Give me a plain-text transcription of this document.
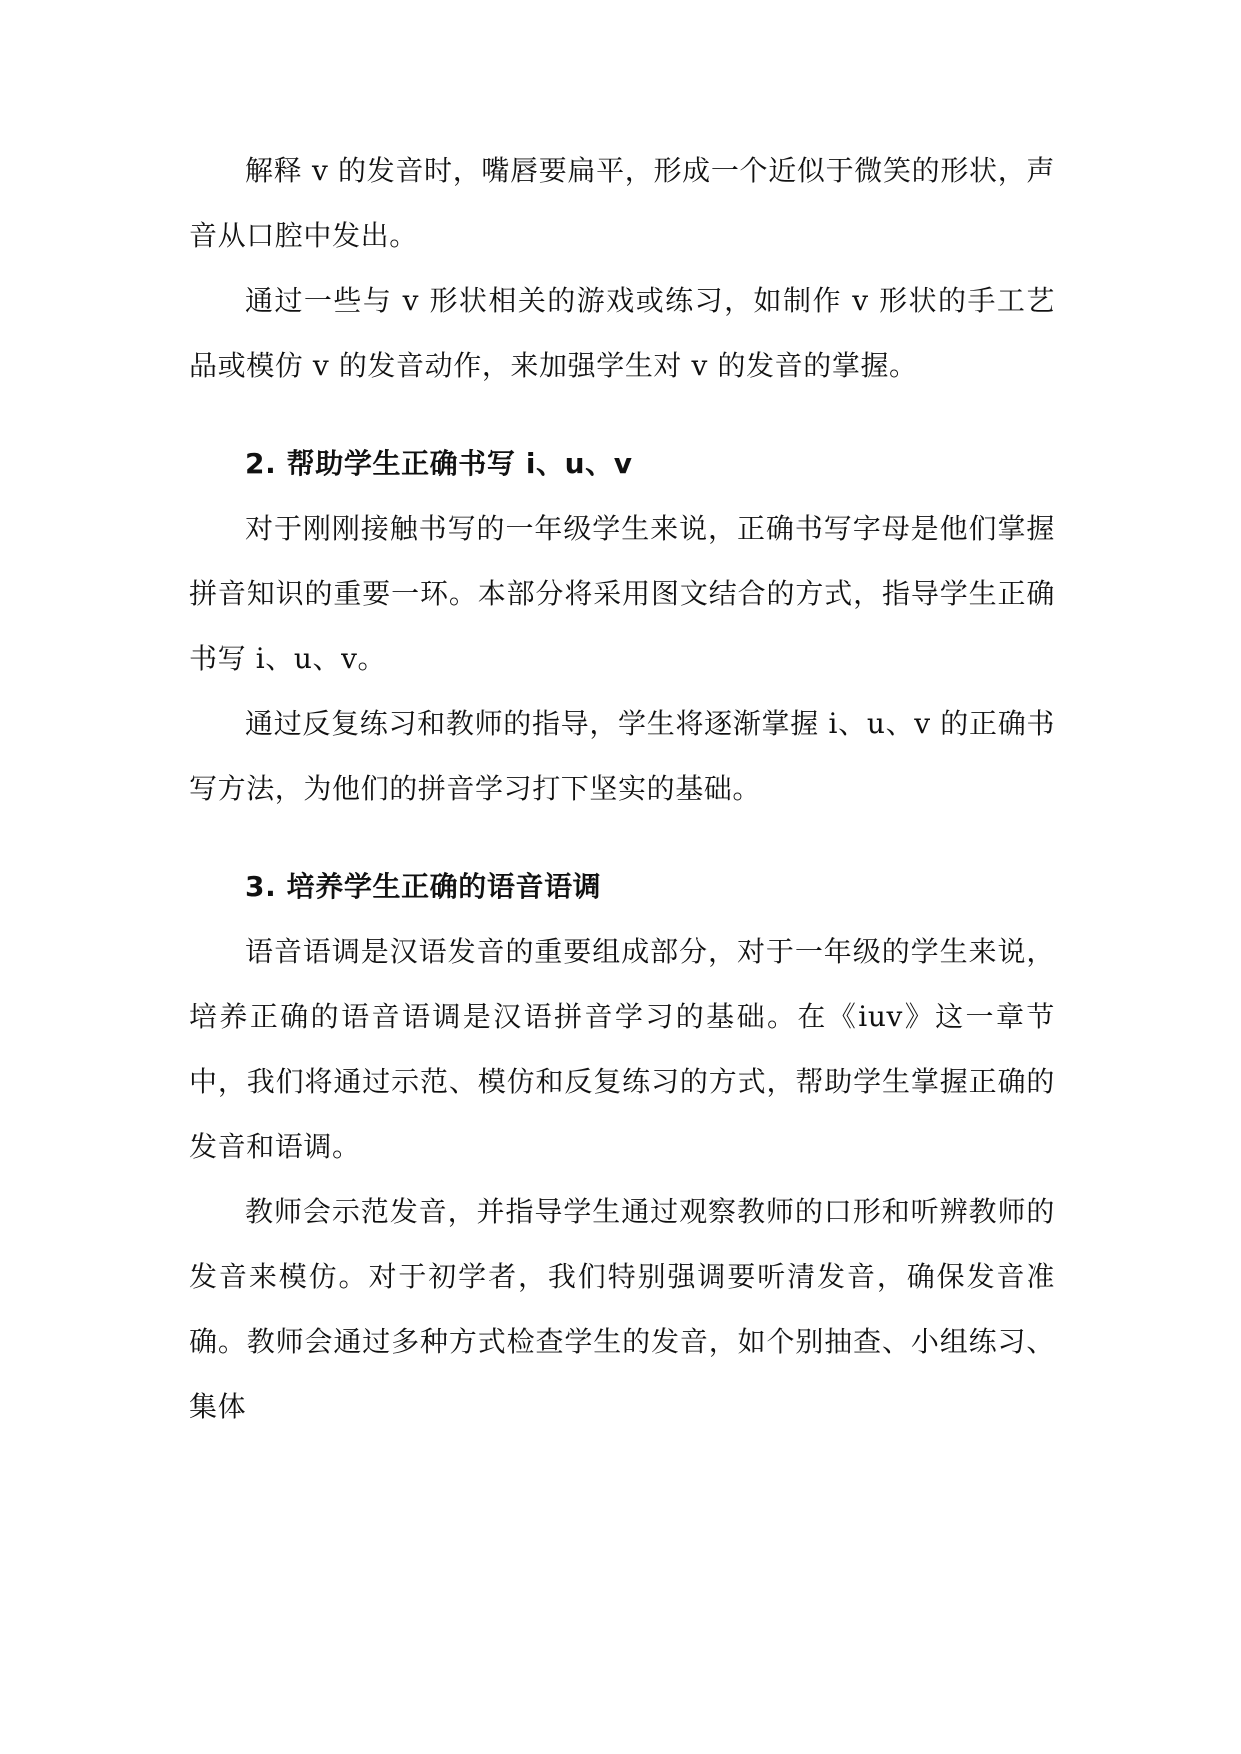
解释 v 的发音时，嘴唇要扁平，形成一个近似于微笑的形状，声音从口腔中发出。

通过一些与 v 形状相关的游戏或练习，如制作 v 形状的手工艺品或模仿 v 的发音动作，来加强学生对 v 的发音的掌握。

2. 帮助学生正确书写 i、u、v

对于刚刚接触书写的一年级学生来说，正确书写字母是他们掌握拼音知识的重要一环。本部分将采用图文结合的方式，指导学生正确书写 i、u、v。

通过反复练习和教师的指导，学生将逐渐掌握 i、u、v 的正确书写方法，为他们的拼音学习打下坚实的基础。

3. 培养学生正确的语音语调

语音语调是汉语发音的重要组成部分，对于一年级的学生来说，培养正确的语音语调是汉语拼音学习的基础。在《iuv》这一章节中，我们将通过示范、模仿和反复练习的方式，帮助学生掌握正确的发音和语调。

教师会示范发音，并指导学生通过观察教师的口形和听辨教师的发音来模仿。对于初学者，我们特别强调要听清发音，确保发音准确。教师会通过多种方式检查学生的发音，如个别抽查、小组练习、集体
